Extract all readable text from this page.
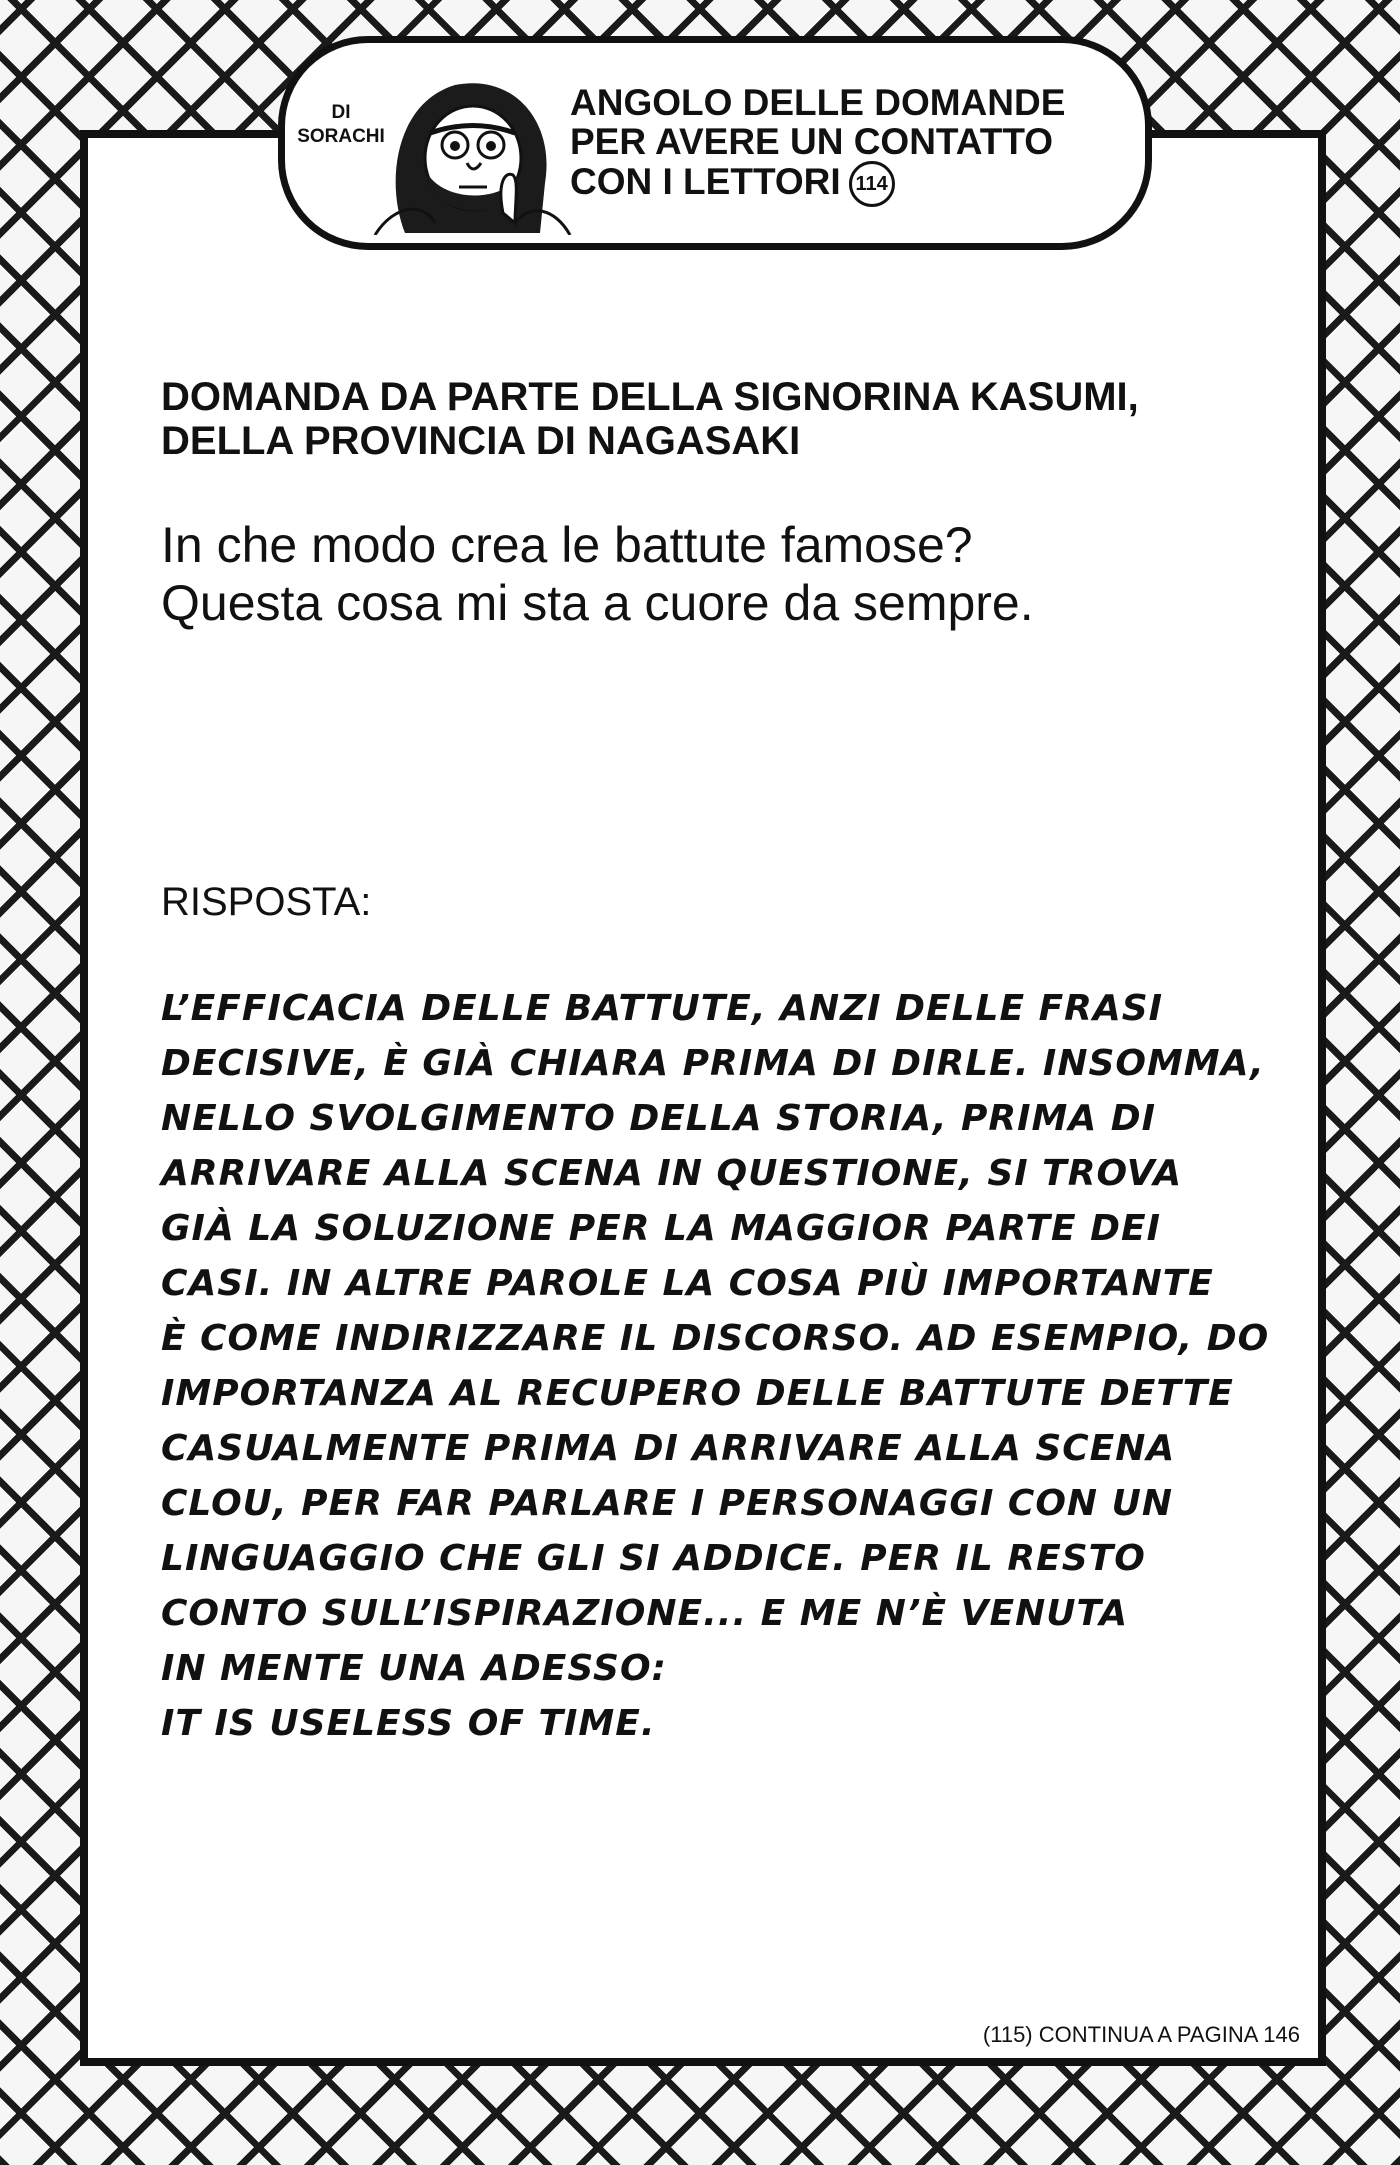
DI SORACHI
ANGOLO DELLE DOMANDE
PER AVERE UN CONTATTO
CON I LETTORI 114
DOMANDA DA PARTE DELLA SIGNORINA KASUMI,
DELLA PROVINCIA DI NAGASAKI
In che modo crea le battute famose?
Questa cosa mi sta a cuore da sempre.
RISPOSTA:
L’EFFICACIA DELLE BATTUTE, ANZI DELLE FRASI
DECISIVE, È GIÀ CHIARA PRIMA DI DIRLE. INSOMMA,
NELLO SVOLGIMENTO DELLA STORIA, PRIMA DI
ARRIVARE ALLA SCENA IN QUESTIONE, SI TROVA
GIÀ LA SOLUZIONE PER LA MAGGIOR PARTE DEI
CASI. IN ALTRE PAROLE LA COSA PIÙ IMPORTANTE
È COME INDIRIZZARE IL DISCORSO. AD ESEMPIO, DO
IMPORTANZA AL RECUPERO DELLE BATTUTE DETTE
CASUALMENTE PRIMA DI ARRIVARE ALLA SCENA
CLOU, PER FAR PARLARE I PERSONAGGI CON UN
LINGUAGGIO CHE GLI SI ADDICE. PER IL RESTO
CONTO SULL’ISPIRAZIONE... E ME N’È VENUTA
IN MENTE UNA ADESSO:
IT IS USELESS OF TIME.
(115) CONTINUA A PAGINA 146
